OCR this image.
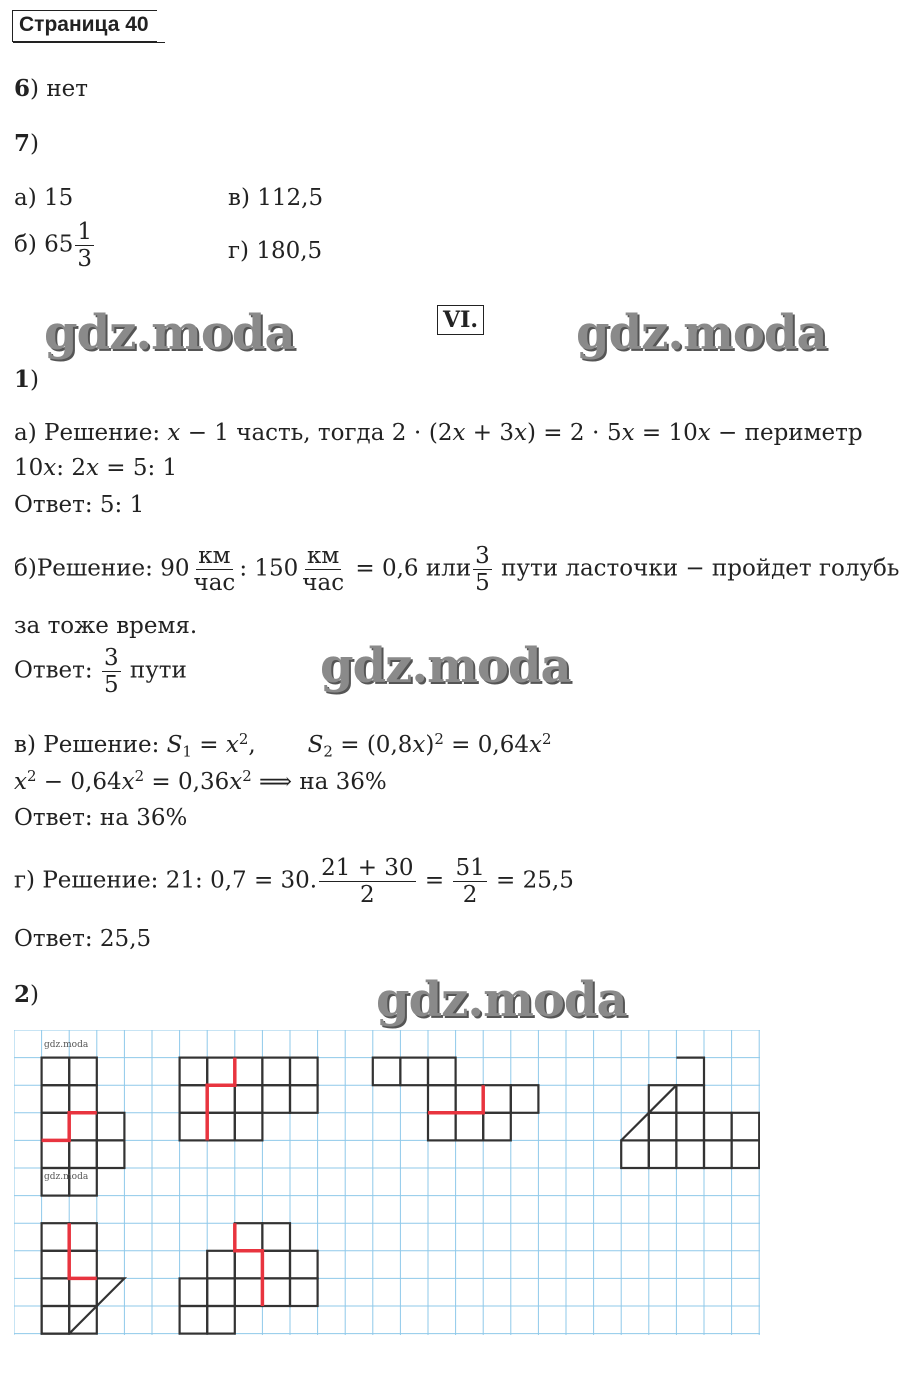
Страница 40
6) нет
7)
а) 15	в) 112,5
б) $65 \frac{1}{3}$	г) 180,5
gdz.moda	gdz.moda
gdz.moda
gdz.moda
VI.
1)
а) Решение: x − 1 часть, тогда 2 ⋅ (2x + 3x) = 2 ⋅ 5x = 10x − периметр
10x: 2x = 5: 1
Ответ: 5: 1
б)Решение: $90 \frac{км}{\text{час}}$ : $150 \frac{км}{\text{час}} = 0,6$ или $\frac{3}{5}$ пути ласточки − пройдет голубь
за тоже время.
Ответ: $\frac{3}{5}$ пути
в) Решение: $S_1 = x^2$, $S_2 = (0,8x)^2 = 0,64x^2$
$x^2 - 0,64x^2 = 0,36x^2$ ⟹ на 36%
Ответ: на 36%
г) Решение: 21: 0,7 = 30. $\frac{21 + 30}{2} = \frac{51}{2} = 25,5$
Ответ: 25,5
2)
gdz.moda
gdz.moda
